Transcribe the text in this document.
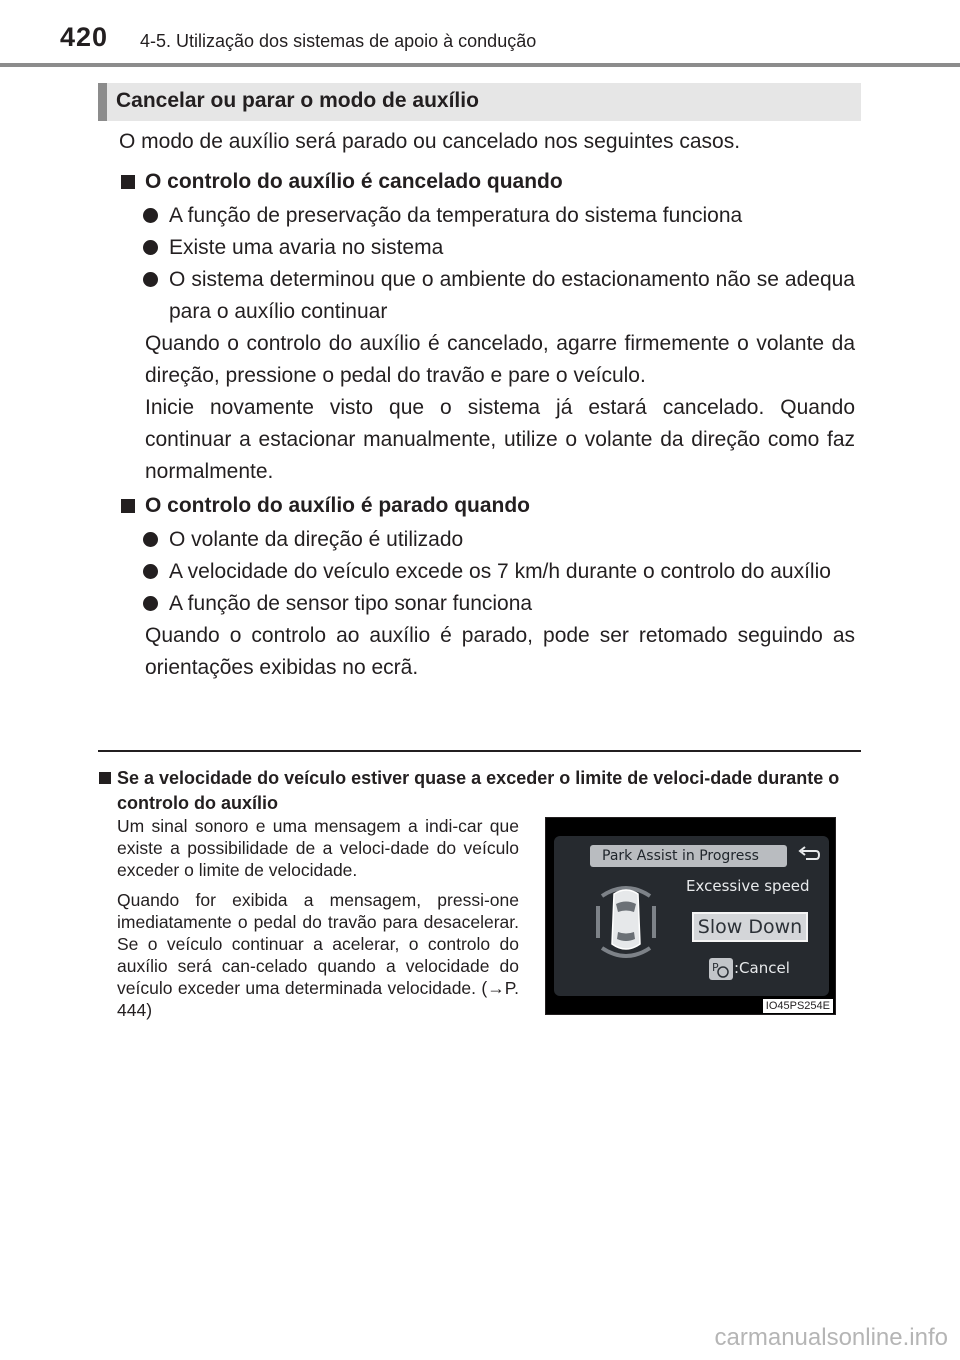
420 4-5. Utilização dos sistemas de apoio à condução
Cancelar ou parar o modo de auxílio

O modo de auxílio será parado ou cancelado nos seguintes casos.

O controlo do auxílio é cancelado quando
A função de preservação da temperatura do sistema funciona
Existe uma avaria no sistema
O sistema determinou que o ambiente do estacionamento não se adequa para o auxílio continuar

Quando o controlo do auxílio é cancelado, agarre firmemente o volante da direção, pressione o pedal do travão e pare o veículo.

Inicie novamente visto que o sistema já estará cancelado. Quando continuar a estacionar manualmente, utilize o volante da direção como faz normalmente.

O controlo do auxílio é parado quando
O volante da direção é utilizado
A velocidade do veículo excede os 7 km/h durante o controlo do auxílio
A função de sensor tipo sonar funciona

Quando o controlo ao auxílio é parado, pode ser retomado seguindo as orientações exibidas no ecrã.

Se a velocidade do veículo estiver quase a exceder o limite de veloci-dade durante o controlo do auxílio

Um sinal sonoro e uma mensagem a indi-car que existe a possibilidade de a veloci-dade do veículo exceder o limite de velocidade.

Quando for exibida a mensagem, pressi-one imediatamente o pedal do travão para desacelerar. Se o veículo continuar a acelerar, o controlo do auxílio será can-celado quando a velocidade do veículo exceder uma determinada velocidade. (→P. 444)

Park Assist in Progress
Excessive speed
Slow Down
P :Cancel
IO45PS254E
carmanualsonline.info
